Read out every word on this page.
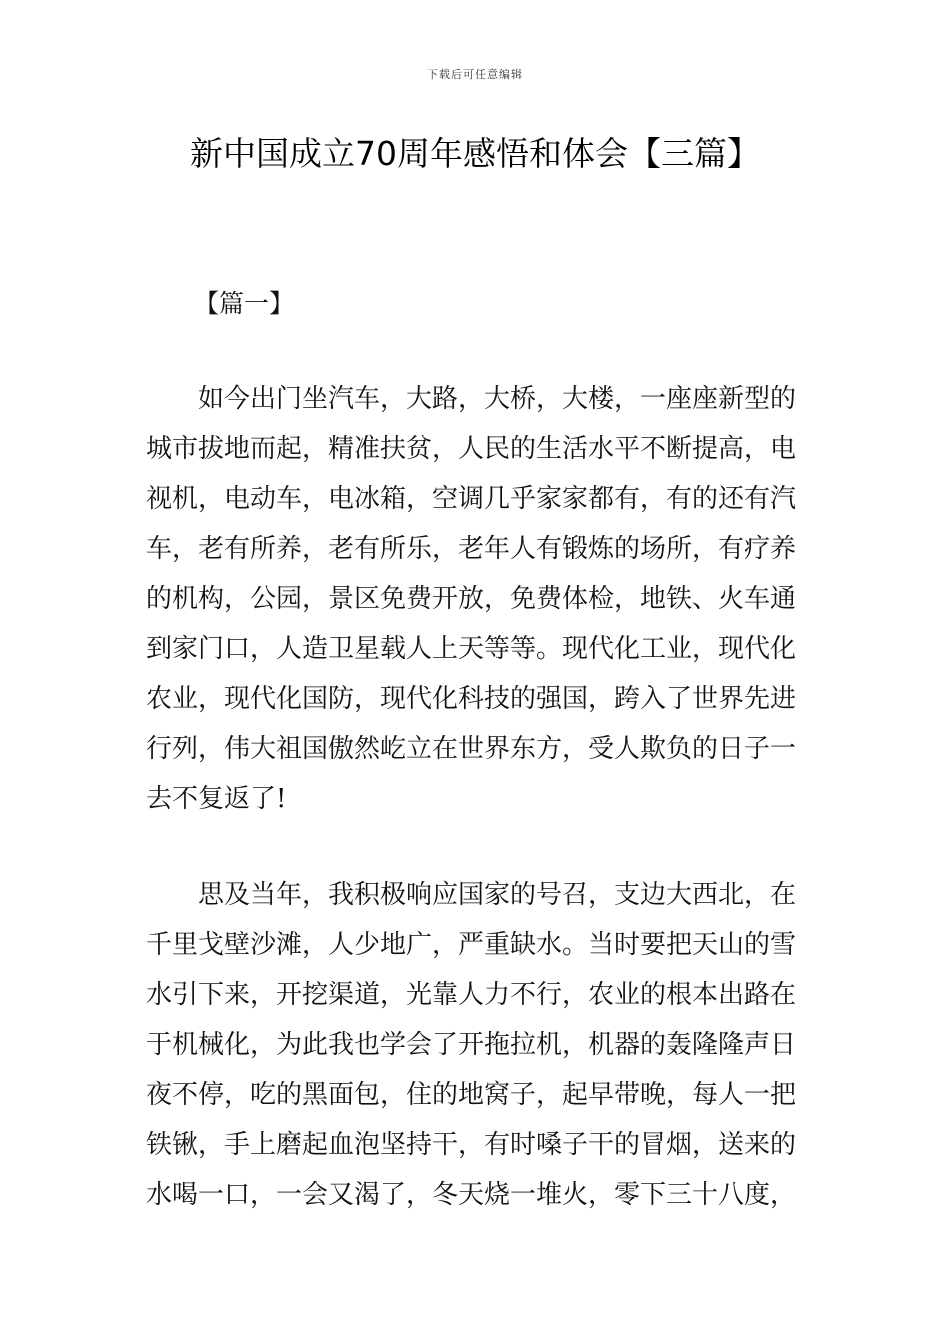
下载后可任意编辑
新中国成立70周年感悟和体会【三篇】
【篇一】
　　如今出门坐汽车，大路，大桥，大楼，一座座新型的
城市拔地而起，精准扶贫，人民的生活水平不断提高，电
视机，电动车，电冰箱，空调几乎家家都有，有的还有汽
车，老有所养，老有所乐，老年人有锻炼的场所，有疗养
的机构，公园，景区免费开放，免费体检，地铁、火车通
到家门口，人造卫星载人上天等等。现代化工业，现代化
农业，现代化国防，现代化科技的强国，跨入了世界先进
行列，伟大祖国傲然屹立在世界东方，受人欺负的日子一
去不复返了!
　　思及当年，我积极响应国家的号召，支边大西北，在
千里戈壁沙滩，人少地广，严重缺水。当时要把天山的雪
水引下来，开挖渠道，光靠人力不行，农业的根本出路在
于机械化，为此我也学会了开拖拉机，机器的轰隆隆声日
夜不停，吃的黑面包，住的地窝子，起早带晚，每人一把
铁锹，手上磨起血泡坚持干，有时嗓子干的冒烟，送来的
水喝一口，一会又渴了，冬天烧一堆火，零下三十八度，
